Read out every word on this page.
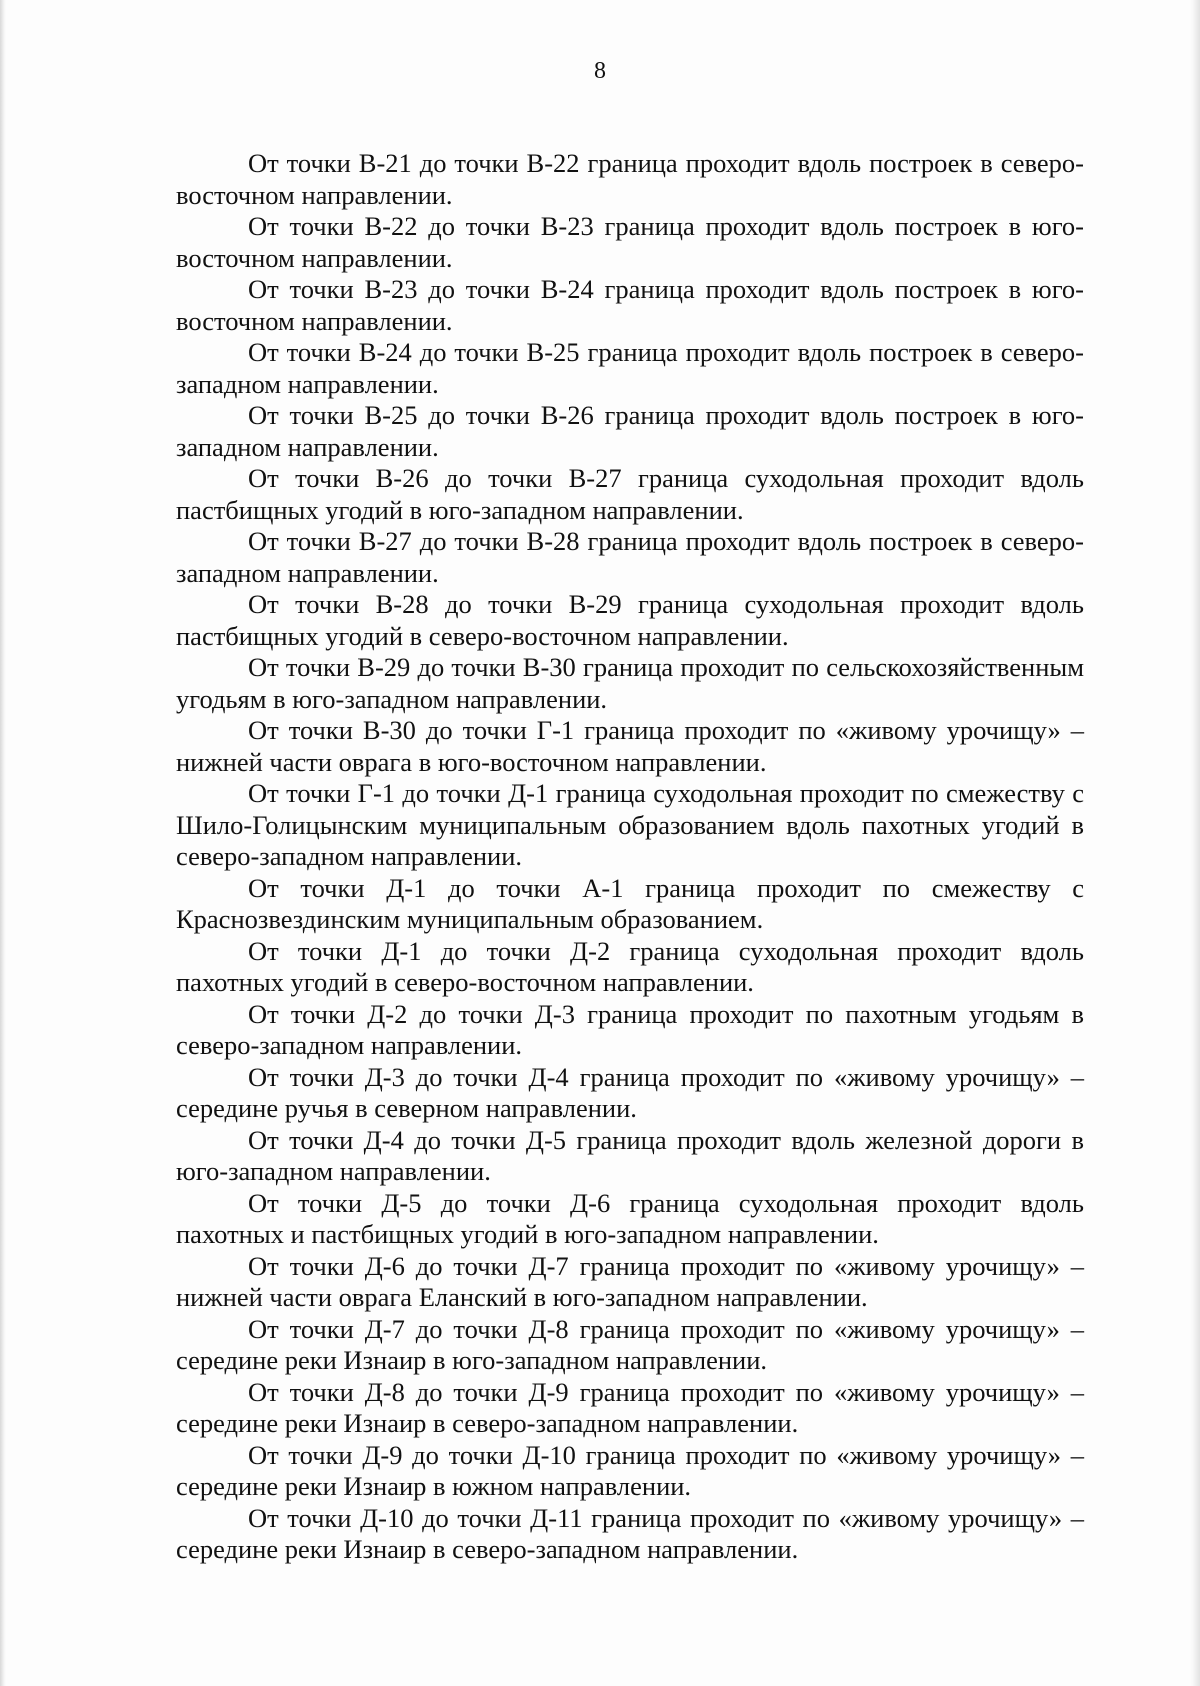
8

От точки В-21 до точки В-22 граница проходит вдоль построек в северо-восточном направлении.

От точки В-22 до точки В-23 граница проходит вдоль построек в юго-восточном направлении.

От точки В-23 до точки В-24 граница проходит вдоль построек в юго-восточном направлении.

От точки В-24 до точки В-25 граница проходит вдоль построек в северо-западном направлении.

От точки В-25 до точки В-26 граница проходит вдоль построек в юго-западном направлении.

От точки В-26 до точки В-27 граница суходольная проходит вдоль пастбищных угодий в юго-западном направлении.

От точки В-27 до точки В-28 граница проходит вдоль построек в северо-западном направлении.

От точки В-28 до точки В-29 граница суходольная проходит вдоль пастбищных угодий в северо-восточном направлении.

От точки В-29 до точки В-30 граница проходит по сельскохозяйственным угодьям в юго-западном направлении.

От точки В-30 до точки Г-1 граница проходит по «живому урочищу» – нижней части оврага в юго-восточном направлении.

От точки Г-1 до точки Д-1 граница суходольная проходит по смежеству с Шило-Голицынским муниципальным образованием вдоль пахотных угодий в северо-западном направлении.

От точки Д-1 до точки А-1 граница проходит по смежеству с Краснозвездинским муниципальным образованием.

От точки Д-1 до точки Д-2 граница суходольная проходит вдоль пахотных угодий в северо-восточном направлении.

От точки Д-2 до точки Д-3 граница проходит по пахотным угодьям в северо-западном направлении.

От точки Д-3 до точки Д-4 граница проходит по «живому урочищу» – середине ручья в северном направлении.

От точки Д-4 до точки Д-5 граница проходит вдоль железной дороги в юго-западном направлении.

От точки Д-5 до точки Д-6 граница суходольная проходит вдоль пахотных и пастбищных угодий в юго-западном направлении.

От точки Д-6 до точки Д-7 граница проходит по «живому урочищу» – нижней части оврага Еланский в юго-западном направлении.

От точки Д-7 до точки Д-8 граница проходит по «живому урочищу» – середине реки Изнаир в юго-западном направлении.

От точки Д-8 до точки Д-9 граница проходит по «живому урочищу» – середине реки Изнаир в северо-западном направлении.

От точки Д-9 до точки Д-10 граница проходит по «живому урочищу» – середине реки Изнаир в южном направлении.

От точки Д-10 до точки Д-11 граница проходит по «живому урочищу» – середине реки Изнаир в северо-западном направлении.
